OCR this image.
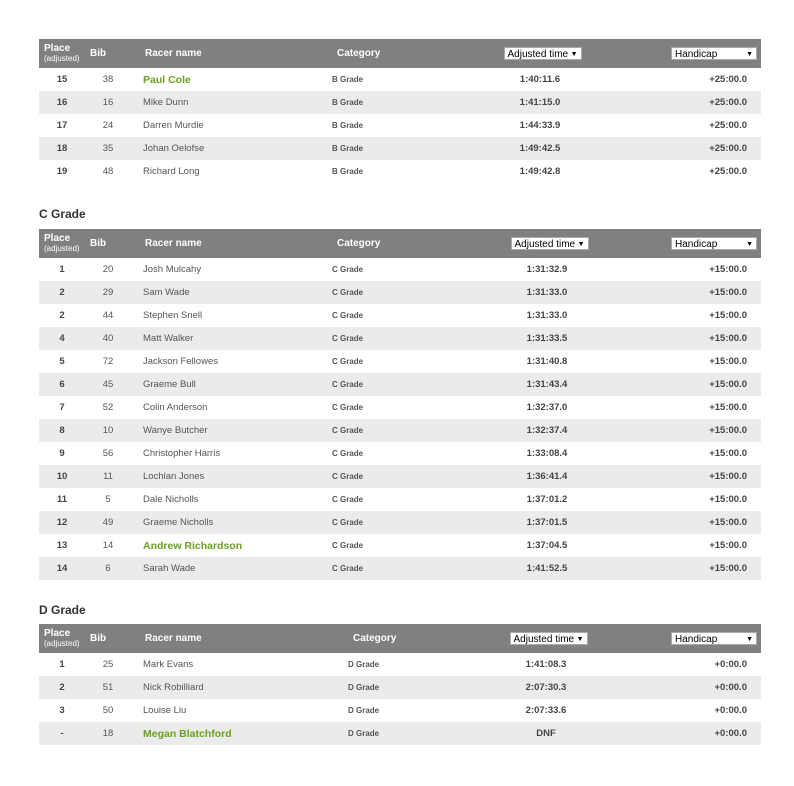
Place
(adjusted)	Bib	Racer name	Category	Adjusted time ▼	Handicap ▼

15	38	Paul Cole	B Grade	1:40:11.6	+25:00.0
16	16	Mike Dunn	B Grade	1:41:15.0	+25:00.0
17	24	Darren Murdie	B Grade	1:44:33.9	+25:00.0
18	35	Johan Oelofse	B Grade	1:49:42.5	+25:00.0
19	48	Richard Long	B Grade	1:49:42.8	+25:00.0
C Grade
Place
(adjusted)	Bib	Racer name	Category	Adjusted time ▼	Handicap ▼

1	20	Josh Mulcahy	C Grade	1:31:32.9	+15:00.0
2	29	Sam Wade	C Grade	1:31:33.0	+15:00.0
2	44	Stephen Snell	C Grade	1:31:33.0	+15:00.0
4	40	Matt Walker	C Grade	1:31:33.5	+15:00.0
5	72	Jackson Fellowes	C Grade	1:31:40.8	+15:00.0
6	45	Graeme Bull	C Grade	1:31:43.4	+15:00.0
7	52	Colin Anderson	C Grade	1:32:37.0	+15:00.0
8	10	Wanye Butcher	C Grade	1:32:37.4	+15:00.0
9	56	Christopher Harris	C Grade	1:33:08.4	+15:00.0
10	11	Lochlan Jones	C Grade	1:36:41.4	+15:00.0
11	5	Dale Nicholls	C Grade	1:37:01.2	+15:00.0
12	49	Graeme Nicholls	C Grade	1:37:01.5	+15:00.0
13	14	Andrew Richardson	C Grade	1:37:04.5	+15:00.0
14	6	Sarah Wade	C Grade	1:41:52.5	+15:00.0
D Grade
Place
(adjusted)	Bib	Racer name	Category	Adjusted time ▼	Handicap ▼

1	25	Mark Evans	D Grade	1:41:08.3	+0:00.0
2	51	Nick Robilliard	D Grade	2:07:30.3	+0:00.0
3	50	Louise Liu	D Grade	2:07:33.6	+0:00.0
-	18	Megan Blatchford	D Grade	DNF	+0:00.0
